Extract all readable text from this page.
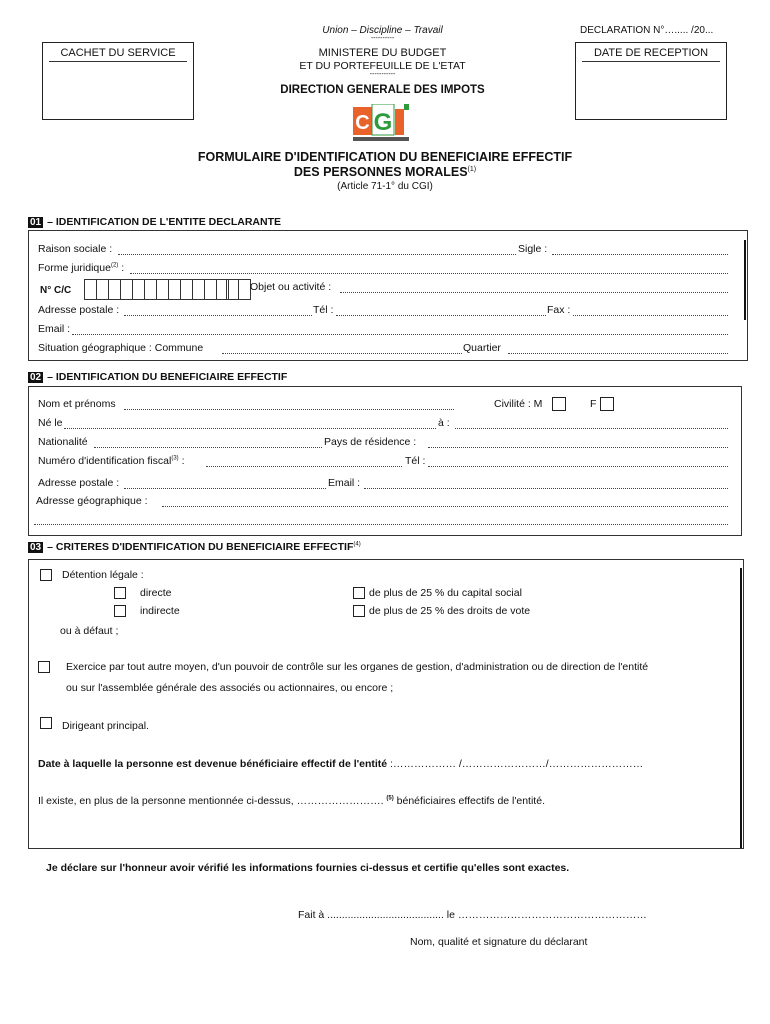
Union – Discipline – Travail
----------
DECLARATION N°…..... /20...
CACHET DU SERVICE	DATE DE RECEPTION
MINISTERE DU BUDGET
ET DU PORTEFEUILLE DE L'ETAT
-----------
DIRECTION GENERALE DES IMPOTS
C G
FORMULAIRE D'IDENTIFICATION DU BENEFICIAIRE EFFECTIF
DES PERSONNES MORALES$^{(1)}$
(Article 71-1° du CGI)
01 – IDENTIFICATION DE L'ENTITE DECLARANTE
Raison sociale :	Sigle :
Forme juridique$^{(2)}$ :
N° C/C	Objet ou activité :
Adresse postale :	Tél :	Fax :
Email :
Situation géographique : Commune	Quartier
02 – IDENTIFICATION DU BENEFICIAIRE EFFECTIF
Nom et prénoms	Civilité : M	F
Né le	à :
Nationalité	Pays de résidence :
Numéro d'identification fiscal$^{(3)}$ :	Tél :
Adresse postale :	Email :
Adresse géographique :
03 – CRITERES D'IDENTIFICATION DU BENEFICIAIRE EFFECTIF$^{(4)}$
Détention légale :
directe	de plus de 25 % du capital social
indirecte	de plus de 25 % des droits de vote
ou à défaut ;
Exercice par tout autre moyen, d'un pouvoir de contrôle sur les organes de gestion, d'administration ou de direction de l'entité
ou sur l'assemblée générale des associés ou actionnaires, ou encore ;
Dirigeant principal.
Date à laquelle la personne est devenue bénéficiaire effectif de l'entité :……………… /……………………/………………………
Il existe, en plus de la personne mentionnée ci-dessus, ……………………. $^{(5)}$ bénéficiaires effectifs de l'entité.
Je déclare sur l'honneur avoir vérifié les informations fournies ci-dessus et certifie qu'elles sont exactes.
Fait à ........................................ le ………………………………………………
Nom, qualité et signature du déclarant
